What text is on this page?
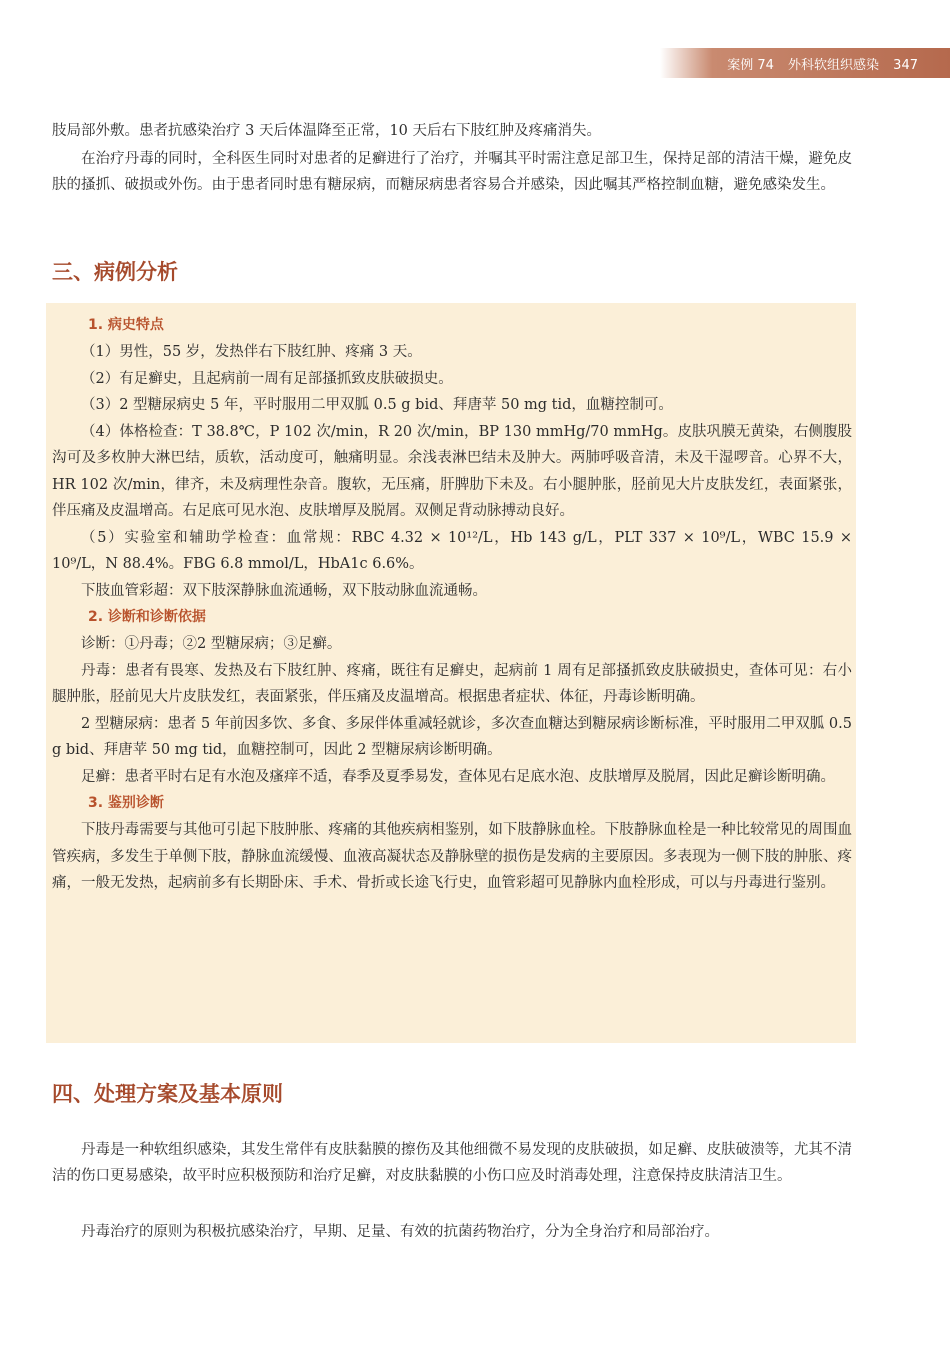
案例 74 外科软组织感染 347

肢局部外敷。患者抗感染治疗 3 天后体温降至正常，10 天后右下肢红肿及疼痛消失。

在治疗丹毒的同时，全科医生同时对患者的足癣进行了治疗，并嘱其平时需注意足部卫生，保持足部的清洁干燥，避免皮肤的搔抓、破损或外伤。由于患者同时患有糖尿病，而糖尿病患者容易合并感染，因此嘱其严格控制血糖，避免感染发生。

三、病例分析
1. 病史特点

（1）男性，55 岁，发热伴右下肢红肿、疼痛 3 天。

（2）有足癣史，且起病前一周有足部搔抓致皮肤破损史。

（3）2 型糖尿病史 5 年，平时服用二甲双胍 0.5 g bid、拜唐苹 50 mg tid，血糖控制可。

（4）体格检查：T 38.8℃，P 102 次/min，R 20 次/min，BP 130 mmHg/70 mmHg。皮肤巩膜无黄染，右侧腹股沟可及多枚肿大淋巴结，质软，活动度可，触痛明显。余浅表淋巴结未及肿大。两肺呼吸音清，未及干湿啰音。心界不大，HR 102 次/min，律齐，未及病理性杂音。腹软，无压痛，肝脾肋下未及。右小腿肿胀，胫前见大片皮肤发红，表面紧张，伴压痛及皮温增高。右足底可见水泡、皮肤增厚及脱屑。双侧足背动脉搏动良好。

（5）实验室和辅助学检查：血常规：RBC 4.32 × 10¹²/L，Hb 143 g/L，PLT 337 × 10⁹/L，WBC 15.9 × 10⁹/L，N 88.4%。FBG 6.8 mmol/L，HbA1c 6.6%。

下肢血管彩超：双下肢深静脉血流通畅，双下肢动脉血流通畅。

2. 诊断和诊断依据

诊断：①丹毒；②2 型糖尿病；③足癣。

丹毒：患者有畏寒、发热及右下肢红肿、疼痛，既往有足癣史，起病前 1 周有足部搔抓致皮肤破损史，查体可见：右小腿肿胀，胫前见大片皮肤发红，表面紧张，伴压痛及皮温增高。根据患者症状、体征，丹毒诊断明确。

2 型糖尿病：患者 5 年前因多饮、多食、多尿伴体重减轻就诊，多次查血糖达到糖尿病诊断标准，平时服用二甲双胍 0.5 g bid、拜唐苹 50 mg tid，血糖控制可，因此 2 型糖尿病诊断明确。

足癣：患者平时右足有水泡及瘙痒不适，春季及夏季易发，查体见右足底水泡、皮肤增厚及脱屑，因此足癣诊断明确。

3. 鉴别诊断

下肢丹毒需要与其他可引起下肢肿胀、疼痛的其他疾病相鉴别，如下肢静脉血栓。下肢静脉血栓是一种比较常见的周围血管疾病，多发生于单侧下肢，静脉血流缓慢、血液高凝状态及静脉壁的损伤是发病的主要原因。多表现为一侧下肢的肿胀、疼痛，一般无发热，起病前多有长期卧床、手术、骨折或长途飞行史，血管彩超可见静脉内血栓形成，可以与丹毒进行鉴别。

四、处理方案及基本原则

丹毒是一种软组织感染，其发生常伴有皮肤黏膜的擦伤及其他细微不易发现的皮肤破损，如足癣、皮肤破溃等，尤其不清洁的伤口更易感染，故平时应积极预防和治疗足癣，对皮肤黏膜的小伤口应及时消毒处理，注意保持皮肤清洁卫生。

丹毒治疗的原则为积极抗感染治疗，早期、足量、有效的抗菌药物治疗，分为全身治疗和局部治疗。
